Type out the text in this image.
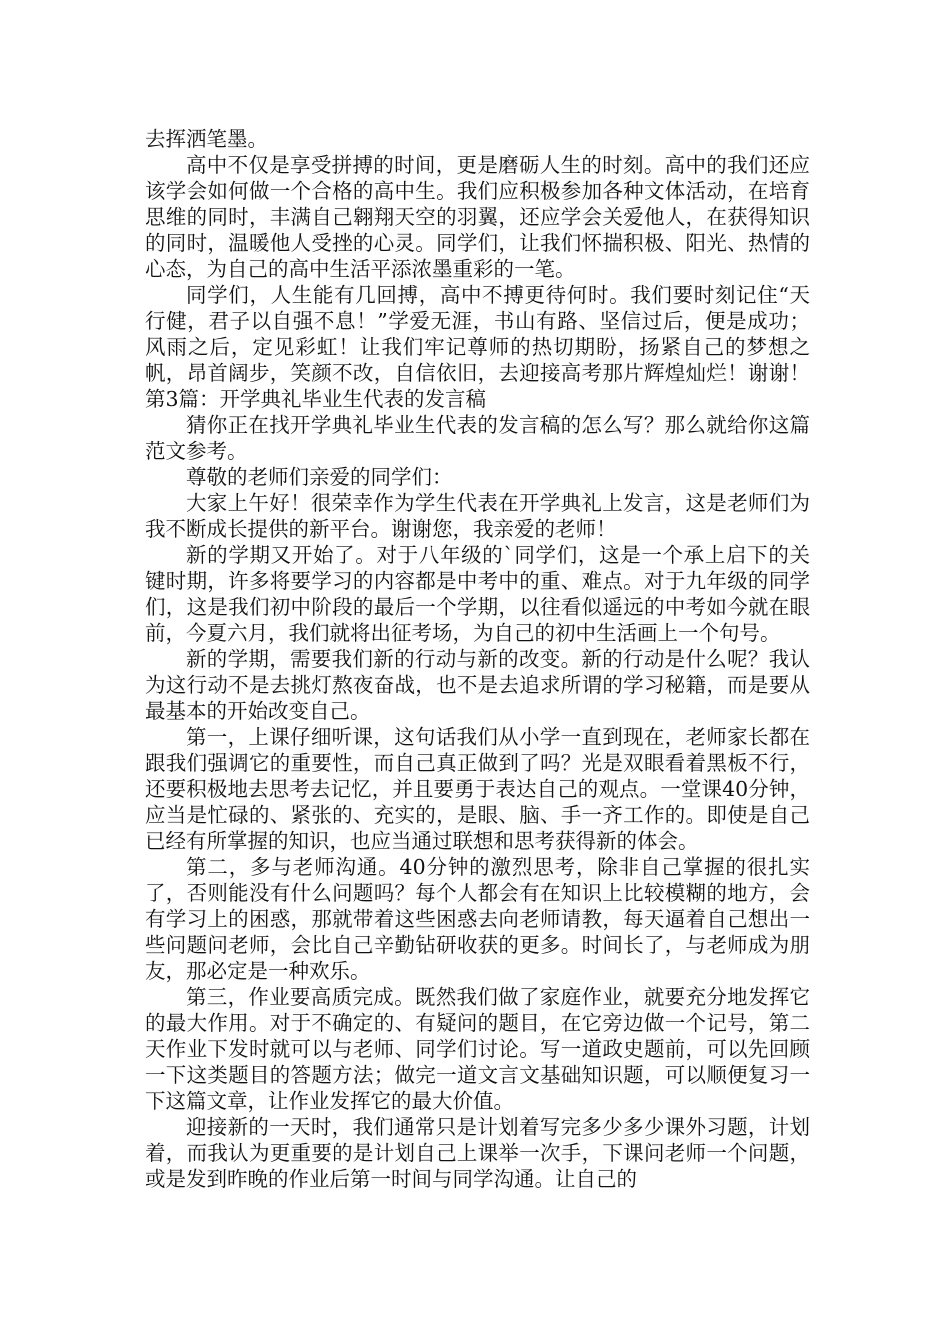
去挥洒笔墨。

高中不仅是享受拼搏的时间，更是磨砺人生的时刻。高中的我们还应该学会如何做一个合格的高中生。我们应积极参加各种文体活动，在培育思维的同时，丰满自己翱翔天空的羽翼，还应学会关爱他人，在获得知识的同时，温暖他人受挫的心灵。同学们，让我们怀揣积极、阳光、热情的心态，为自己的高中生活平添浓墨重彩的一笔。

同学们，人生能有几回搏，高中不搏更待何时。我们要时刻记住“天行健，君子以自强不息！”学爱无涯，书山有路、坚信过后，便是成功；风雨之后，定见彩虹！让我们牢记尊师的热切期盼，扬紧自己的梦想之帆，昂首阔步，笑颜不改，自信依旧，去迎接高考那片辉煌灿烂！谢谢！第3篇：开学典礼毕业生代表的发言稿

猜你正在找开学典礼毕业生代表的发言稿的怎么写？那么就给你这篇范文参考。

尊敬的老师们亲爱的同学们：

大家上午好！很荣幸作为学生代表在开学典礼上发言，这是老师们为我不断成长提供的新平台。谢谢您，我亲爱的老师！

新的学期又开始了。对于八年级的`同学们，这是一个承上启下的关键时期，许多将要学习的内容都是中考中的重、难点。对于九年级的同学们，这是我们初中阶段的最后一个学期，以往看似遥远的中考如今就在眼前，今夏六月，我们就将出征考场，为自己的初中生活画上一个句号。

新的学期，需要我们新的行动与新的改变。新的行动是什么呢？我认为这行动不是去挑灯熬夜奋战，也不是去追求所谓的学习秘籍，而是要从最基本的开始改变自己。

第一，上课仔细听课，这句话我们从小学一直到现在，老师家长都在跟我们强调它的重要性，而自己真正做到了吗？光是双眼看着黑板不行，还要积极地去思考去记忆，并且要勇于表达自己的观点。一堂课40分钟，应当是忙碌的、紧张的、充实的，是眼、脑、手一齐工作的。即使是自己已经有所掌握的知识，也应当通过联想和思考获得新的体会。

第二，多与老师沟通。40分钟的激烈思考，除非自己掌握的很扎实了，否则能没有什么问题吗？每个人都会有在知识上比较模糊的地方，会有学习上的困惑，那就带着这些困惑去向老师请教，每天逼着自己想出一些问题问老师，会比自己辛勤钻研收获的更多。时间长了，与老师成为朋友，那必定是一种欢乐。

第三，作业要高质完成。既然我们做了家庭作业，就要充分地发挥它的最大作用。对于不确定的、有疑问的题目，在它旁边做一个记号，第二天作业下发时就可以与老师、同学们讨论。写一道政史题前，可以先回顾一下这类题目的答题方法；做完一道文言文基础知识题，可以顺便复习一下这篇文章，让作业发挥它的最大价值。

迎接新的一天时，我们通常只是计划着写完多少多少课外习题，计划着，而我认为更重要的是计划自己上课举一次手，下课问老师一个问题，或是发到昨晚的作业后第一时间与同学沟通。让自己的
